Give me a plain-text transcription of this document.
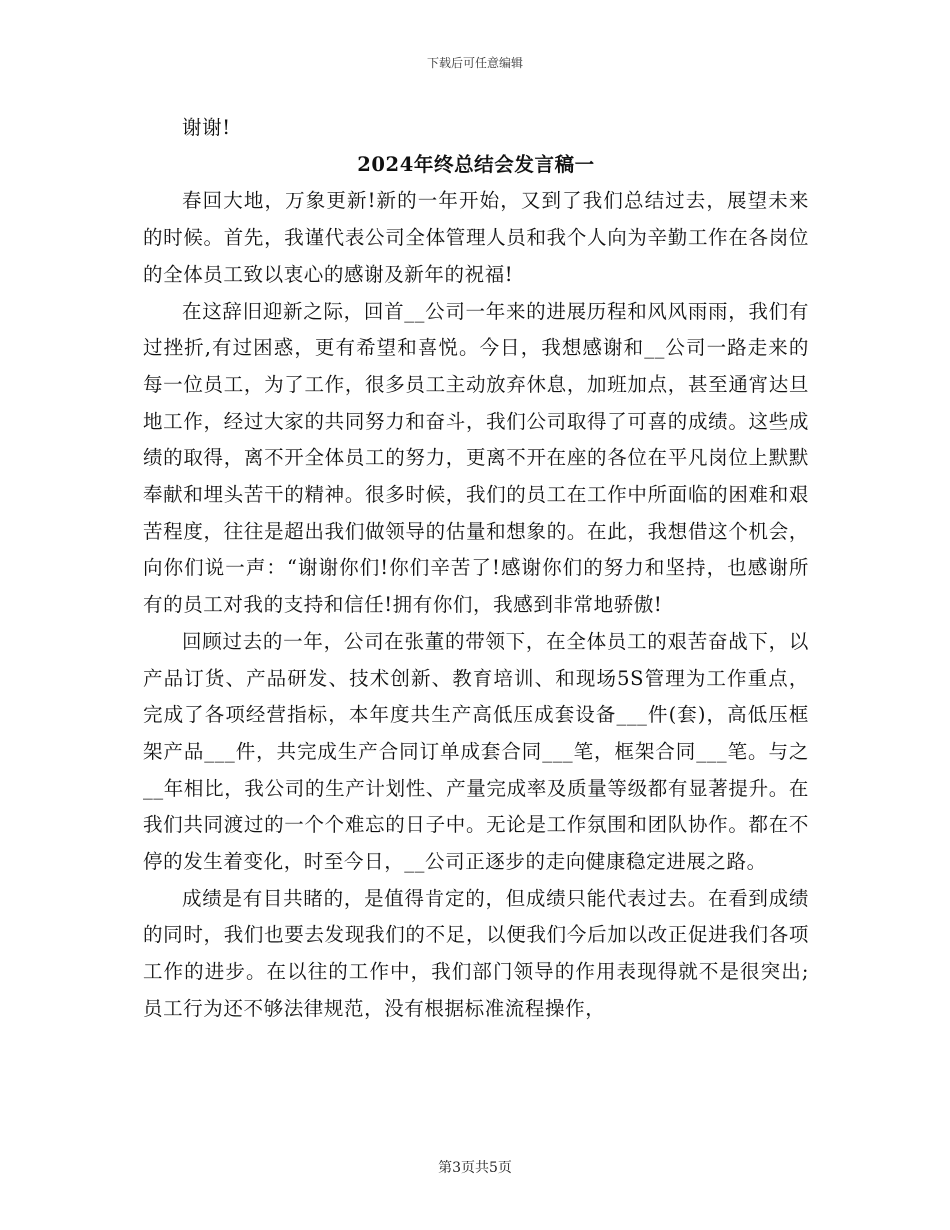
下载后可任意编辑

谢谢!

2024年终总结会发言稿一

春回大地，万象更新!新的一年开始，又到了我们总结过去，展望未来的时候。首先，我谨代表公司全体管理人员和我个人向为辛勤工作在各岗位的全体员工致以衷心的感谢及新年的祝福!

在这辞旧迎新之际，回首__公司一年来的进展历程和风风雨雨，我们有过挫折,有过困惑，更有希望和喜悦。今日，我想感谢和__公司一路走来的每一位员工，为了工作，很多员工主动放弃休息，加班加点，甚至通宵达旦地工作，经过大家的共同努力和奋斗，我们公司取得了可喜的成绩。这些成绩的取得，离不开全体员工的努力，更离不开在座的各位在平凡岗位上默默奉献和埋头苦干的精神。很多时候，我们的员工在工作中所面临的困难和艰苦程度，往往是超出我们做领导的估量和想象的。在此，我想借这个机会，向你们说一声：“谢谢你们!你们辛苦了!感谢你们的努力和坚持，也感谢所有的员工对我的支持和信任!拥有你们，我感到非常地骄傲!

回顾过去的一年，公司在张董的带领下，在全体员工的艰苦奋战下，以产品订货、产品研发、技术创新、教育培训、和现场5S管理为工作重点，完成了各项经营指标，本年度共生产高低压成套设备___件(套)，高低压框架产品___件，共完成生产合同订单成套合同___笔，框架合同___笔。与之__年相比，我公司的生产计划性、产量完成率及质量等级都有显著提升。在我们共同渡过的一个个难忘的日子中。无论是工作氛围和团队协作。都在不停的发生着变化，时至今日，__公司正逐步的走向健康稳定进展之路。

成绩是有目共睹的，是值得肯定的，但成绩只能代表过去。在看到成绩的同时，我们也要去发现我们的不足，以便我们今后加以改正促进我们各项工作的进步。在以往的工作中，我们部门领导的作用表现得就不是很突出;员工行为还不够法律规范，没有根据标准流程操作，

第3页共5页
